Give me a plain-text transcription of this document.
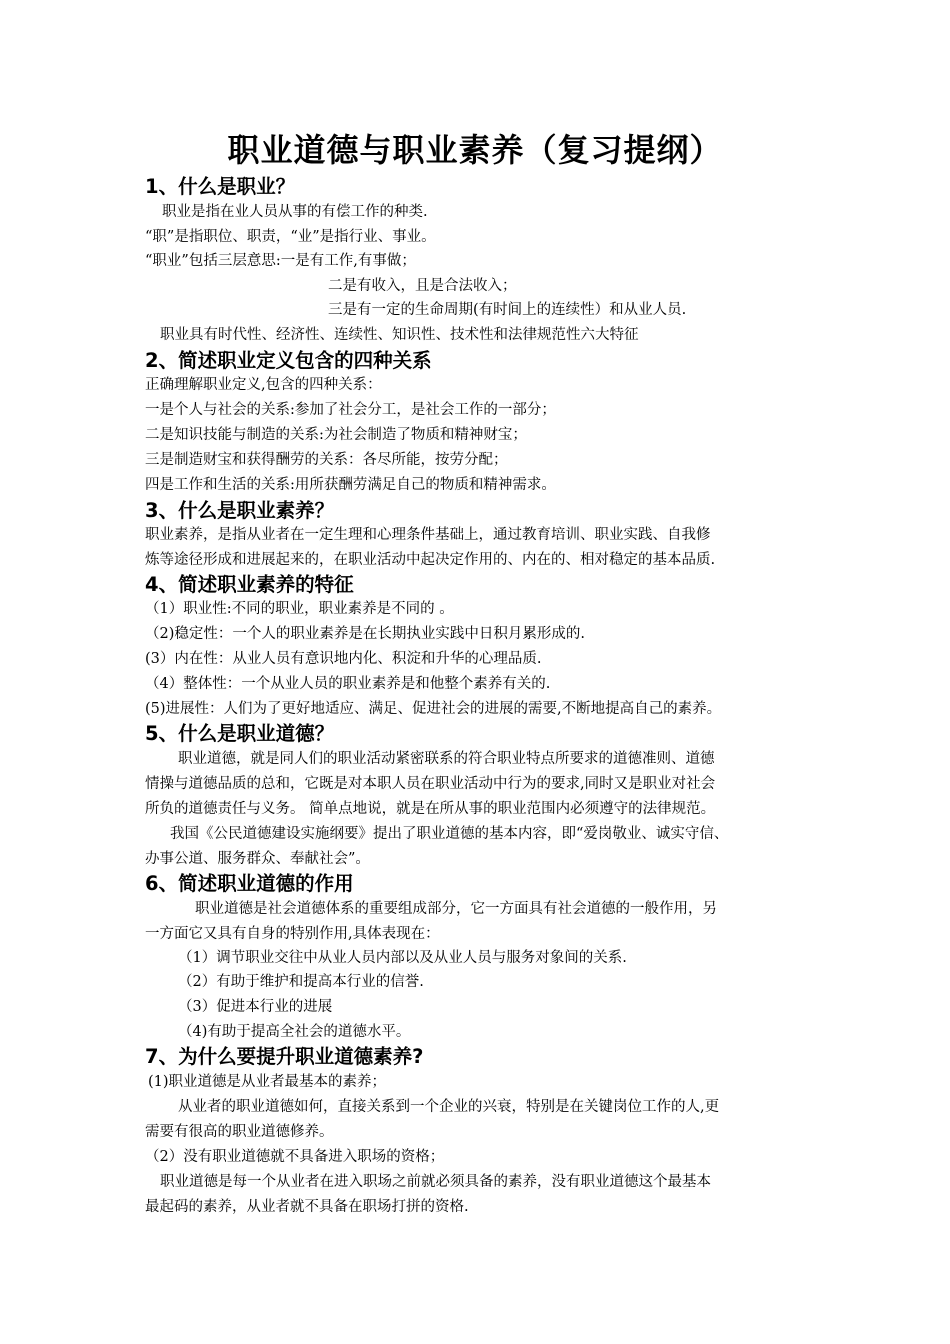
职业道德与职业素养（复习提纲）
1、什么是职业？
职业是指在业人员从事的有偿工作的种类.
“职”是指职位、职责，“业”是指行业、事业。
“职业”包括三层意思:一是有工作,有事做；
二是有收入，且是合法收入；
三是有一定的生命周期(有时间上的连续性）和从业人员.
职业具有时代性、经济性、连续性、知识性、技术性和法律规范性六大特征
2、简述职业定义包含的四种关系
正确理解职业定义,包含的四种关系：
一是个人与社会的关系:参加了社会分工，是社会工作的一部分；
二是知识技能与制造的关系:为社会制造了物质和精神财宝；
三是制造财宝和获得酬劳的关系：各尽所能，按劳分配；
四是工作和生活的关系:用所获酬劳满足自己的物质和精神需求。
3、什么是职业素养？
职业素养，是指从业者在一定生理和心理条件基础上，通过教育培训、职业实践、自我修
炼等途径形成和进展起来的，在职业活动中起决定作用的、内在的、相对稳定的基本品质.
4、简述职业素养的特征
（1）职业性:不同的职业，职业素养是不同的 。
（2)稳定性：一个人的职业素养是在长期执业实践中日积月累形成的.
(3）内在性：从业人员有意识地内化、积淀和升华的心理品质.
（4）整体性：一个从业人员的职业素养是和他整个素养有关的.
(5)进展性：人们为了更好地适应、满足、促进社会的进展的需要,不断地提高自己的素养。
5、什么是职业道德？
职业道德，就是同人们的职业活动紧密联系的符合职业特点所要求的道德准则、道德
情操与道德品质的总和，它既是对本职人员在职业活动中行为的要求,同时又是职业对社会
所负的道德责任与义务。 简单点地说，就是在所从事的职业范围内必须遵守的法律规范。
我国《公民道德建设实施纲要》提出了职业道德的基本内容，即“爱岗敬业、诚实守信、
办事公道、服务群众、奉献社会”。
6、简述职业道德的作用
职业道德是社会道德体系的重要组成部分，它一方面具有社会道德的一般作用，另
一方面它又具有自身的特别作用,具体表现在：
（1）调节职业交往中从业人员内部以及从业人员与服务对象间的关系.
（2）有助于维护和提高本行业的信誉.
（3）促进本行业的进展
（4)有助于提高全社会的道德水平。
7、为什么要提升职业道德素养?
(1)职业道德是从业者最基本的素养；
从业者的职业道德如何，直接关系到一个企业的兴衰，特别是在关键岗位工作的人,更
需要有很高的职业道德修养。
（2）没有职业道德就不具备进入职场的资格；
职业道德是每一个从业者在进入职场之前就必须具备的素养，没有职业道德这个最基本
最起码的素养，从业者就不具备在职场打拼的资格.
